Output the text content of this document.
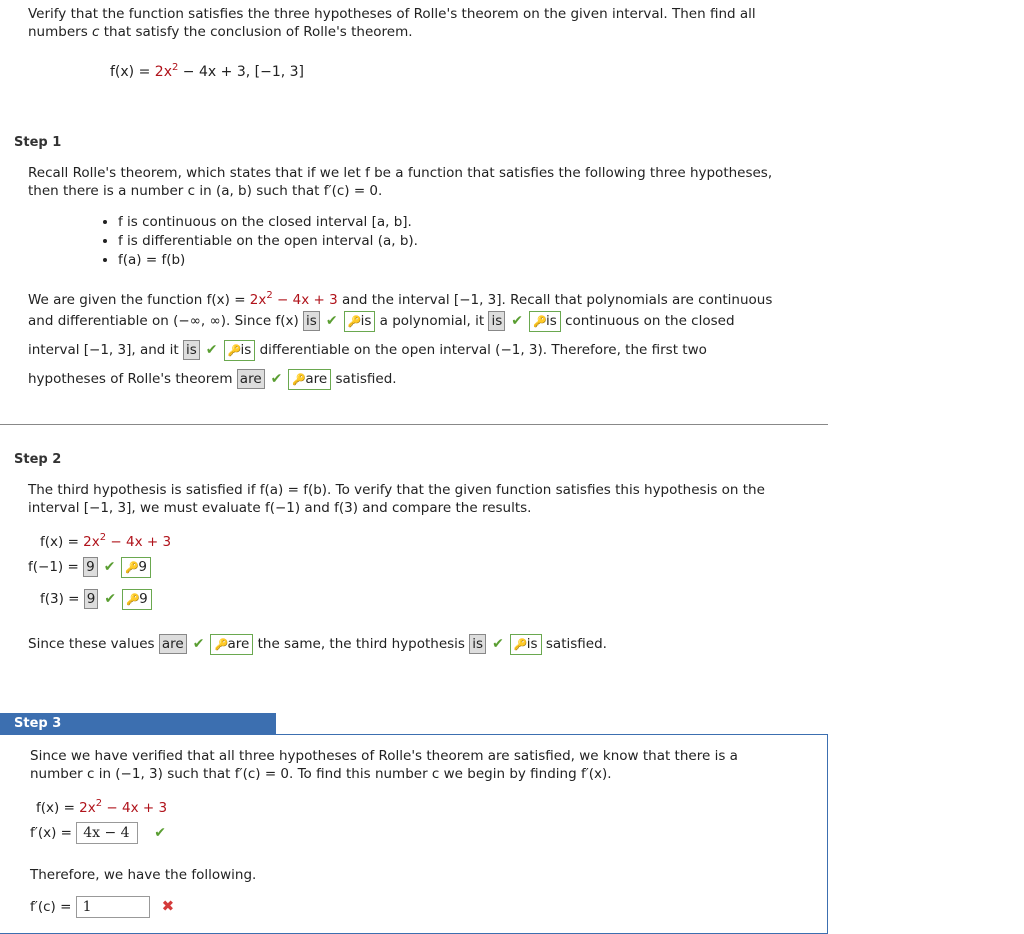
Verify that the function satisfies the three hypotheses of Rolle's theorem on the given interval. Then find all
numbers c that satisfy the conclusion of Rolle's theorem.
$f(x) = 2x^2 - 4x + 3$, [−1, 3]
Step 1
Recall Rolle's theorem, which states that if we let f be a function that satisfies the following three hypotheses,
then there is a number c in (a, b) such that f′(c) = 0.
• f is continuous on the closed interval [a, b].
• f is differentiable on the open interval (a, b).
• f(a) = f(b)
We are given the function $f(x) = 2x^2 - 4x + 3$ and the interval [−1, 3]. Recall that polynomials are continuous
and differentiable on (−∞, ∞). Since f(x) is ✔ 🔑is a polynomial, it is ✔ 🔑is continuous on the closed
interval [−1, 3], and it is ✔ 🔑is differentiable on the open interval (−1, 3). Therefore, the first two
hypotheses of Rolle's theorem are ✔ 🔑are satisfied.
Step 2
The third hypothesis is satisfied if f(a) = f(b). To verify that the given function satisfies this hypothesis on the
interval [−1, 3], we must evaluate f(−1) and f(3) and compare the results.
$f(x) = 2x^2 - 4x + 3$
f(−1) = 9 ✔ 🔑9
f(3) = 9 ✔ 🔑9
Since these values are ✔ 🔑are the same, the third hypothesis is ✔ 🔑is satisfied.
Step 3
Since we have verified that all three hypotheses of Rolle's theorem are satisfied, we know that there is a
number c in (−1, 3) such that f′(c) = 0. To find this number c we begin by finding f′(x).
$f(x) = 2x^2 - 4x + 3$
f′(x) = 4x − 4 ✔
Therefore, we have the following.
f′(c) = 1	✖
